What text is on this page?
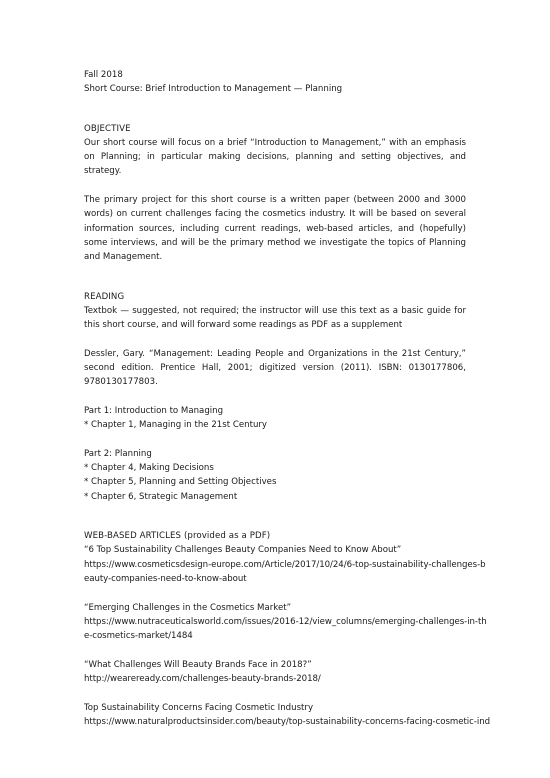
Fall 2018
Short Course: Brief Introduction to Management — Planning
OBJECTIVE
Our short course will focus on a brief “Introduction to Management,” with an emphasis on Planning; in particular making decisions, planning and setting objectives, and strategy.
The primary project for this short course is a written paper (between 2000 and 3000 words) on current challenges facing the cosmetics industry. It will be based on several information sources, including current readings, web-based articles, and (hopefully) some interviews, and will be the primary method we investigate the topics of Planning and Management.
READING
Textbok — suggested, not required; the instructor will use this text as a basic guide for this short course, and will forward some readings as PDF as a supplement
Dessler, Gary. “Management: Leading People and Organizations in the 21st Century,” second edition. Prentice Hall, 2001; digitized version (2011). ISBN: 0130177806, 9780130177803.
Part 1: Introduction to Managing
* Chapter 1, Managing in the 21st Century
Part 2: Planning
* Chapter 4, Making Decisions
* Chapter 5, Planning and Setting Objectives
* Chapter 6, Strategic Management
WEB-BASED ARTICLES (provided as a PDF)
“6 Top Sustainability Challenges Beauty Companies Need to Know About”
https://www.cosmeticsdesign-europe.com/Article/2017/10/24/6-top-sustainability-challenges-b
eauty-companies-need-to-know-about
“Emerging Challenges in the Cosmetics Market”
https://www.nutraceuticalsworld.com/issues/2016-12/view_columns/emerging-challenges-in-th
e-cosmetics-market/1484
“What Challenges Will Beauty Brands Face in 2018?”
http://weareready.com/challenges-beauty-brands-2018/
Top Sustainability Concerns Facing Cosmetic Industry
https://www.naturalproductsinsider.com/beauty/top-sustainability-concerns-facing-cosmetic-ind
